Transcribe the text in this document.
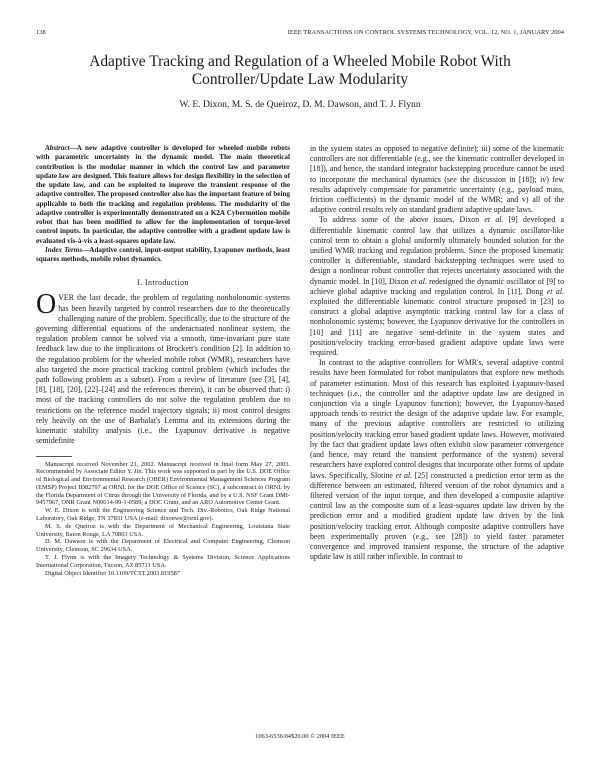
138	IEEE TRANSACTIONS ON CONTROL SYSTEMS TECHNOLOGY, VOL. 12, NO. 1, JANUARY 2004
Adaptive Tracking and Regulation of a Wheeled Mobile Robot With Controller/Update Law Modularity
W. E. Dixon, M. S. de Queiroz, D. M. Dawson, and T. J. Flynn

Abstract—A new adaptive controller is developed for wheeled mobile robots with parametric uncertainty in the dynamic model. The main theoretical contribution is the modular manner in which the control law and parameter update law are designed. This feature allows for design flexibility in the selection of the update law, and can be exploited to improve the transient response of the adaptive controller. The proposed controller also has the important feature of being applicable to both the tracking and regulation problems. The modularity of the adaptive controller is experimentally demonstrated on a K2A Cybermotion mobile robot that has been modified to allow for the implementation of torque-level control inputs. In particular, the adaptive controller with a gradient update law is evaluated vis-à-vis a least-squares update law.

Index Terms—Adaptive control, input-output stability, Lyapunov methods, least squares methods, mobile robot dynamics.

I. Introduction

OVER the last decade, the problem of regulating nonholonomic systems has been heavily targeted by control researchers due to the theoretically challenging nature of the problem. Specifically, due to the structure of the governing differential equations of the underactuated nonlinear system, the regulation problem cannot be solved via a smooth, time-invariant pure state feedback law due to the implications of Brockett's condition [2]. In addition to the regulation problem for the wheeled mobile robot (WMR), researchers have also targeted the more practical tracking control problem (which includes the path following problem as a subset). From a review of literature (see [3], [4], [8], [18], [20], [22]–[24] and the references therein), it can be observed that: i) most of the tracking controllers do not solve the regulation problem due to restrictions on the reference model trajectory signals; ii) most control designs rely heavily on the use of Barbalat's Lemma and its extensions during the kinematic stability analysis (i.e., the Lyapunov derivative is negative semidefinite

Manuscript received November 21, 2002. Manuscript received in final form May 27, 2003. Recommended by Associate Editor Y. Jin. This work was supported in part by the U.S. DOE Office of Biological and Environmental Research (OBER) Environmental Management Sciences Program (EMSP) Project ID82797 at ORNL for the DOE Office of Science (SC), a subcontract to ORNL by the Florida Department of Citrus through the University of Florida, and by a U.S. NSF Grant DMI-9457967, ONR Grant N00014-99-1-0589, a DOC Grant, and an ARO Automotive Center Grant.

W. E. Dixon is with the Engineering Science and Tech. Div.-Robotics, Oak Ridge National Laboratory, Oak Ridge, TN 37831 USA (e-mail: dixonwe@ornl.gov).

M. S. de Queiroz is with the Department of Mechanical Engineering, Louisiana State University, Baton Rouge, LA 70803 USA.

D. M. Dawson is with the Department of Electrical and Computer Engineering, Clemson University, Clemson, SC 29634 USA.

T. J. Flynn is with the Imagery Technology & Systems Division, Science Applications International Corporation, Tucson, AZ 85711 USA.

Digital Object Identifier 10.1109/TCST.2003.819587

in the system states as opposed to negative definite); iii) some of the kinematic controllers are not differentiable (e.g., see the kinematic controller developed in [18]), and hence, the standard integrator backstepping procedure cannot be used to incorporate the mechanical dynamics (see the discussion in [18]); iv) few results adaptively compensate for parametric uncertainty (e.g., payload mass, friction coefficients) in the dynamic model of the WMR; and v) all of the adaptive control results rely on standard gradient adaptive update laws.

To address some of the above issues, Dixon et al. [9] developed a differentiable kinematic control law that utilizes a dynamic oscillator-like control term to obtain a global uniformly ultimately bounded solution for the unified WMR tracking and regulation problems. Since the proposed kinematic controller is differentiable, standard backstepping techniques were used to design a nonlinear robust controller that rejects uncertainty associated with the dynamic model. In [10], Dixon et al. redesigned the dynamic oscillator of [9] to achieve global adaptive tracking and regulation control. In [11], Dong et al. exploited the differentiable kinematic control structure proposed in [23] to construct a global adaptive asymptotic tracking control law for a class of nonholonomic systems; however, the Lyapunov derivative for the controllers in [10] and [11] are negative semi-definite in the system states and position/velocity tracking error-based gradient adaptive update laws were required.

In contrast to the adaptive controllers for WMR's, several adaptive control results have been formulated for robot manipulators that explore new methods of parameter estimation. Most of this research has exploited Lyapunov-based techniques (i.e., the controller and the adaptive update law are designed in conjunction via a single Lyapunov function); however, the Lyapunov-based approach tends to restrict the design of the adaptive update law. For example, many of the previous adaptive controllers are restricted to utilizing position/velocity tracking error based gradient update laws. However, motivated by the fact that gradient update laws often exhibit slow parameter convergence (and hence, may retard the transient performance of the system) several researchers have explored control designs that incorporate other forms of update laws. Specifically, Slotine et al. [25] constructed a prediction error term as the difference between an estimated, filtered version of the robot dynamics and a filtered version of the input torque, and then developed a composite adaptive control law as the composite sum of a least-squares update law driven by the prediction error and a modified gradient update law driven by the link position/velocity tracking error. Although composite adaptive controllers have been experimentally proven (e.g., see [28]) to yield faster parameter convergence and improved transient response, the structure of the adaptive update law is still rather inflexible. In contrast to

1063-6536/04$20.00 © 2004 IEEE
